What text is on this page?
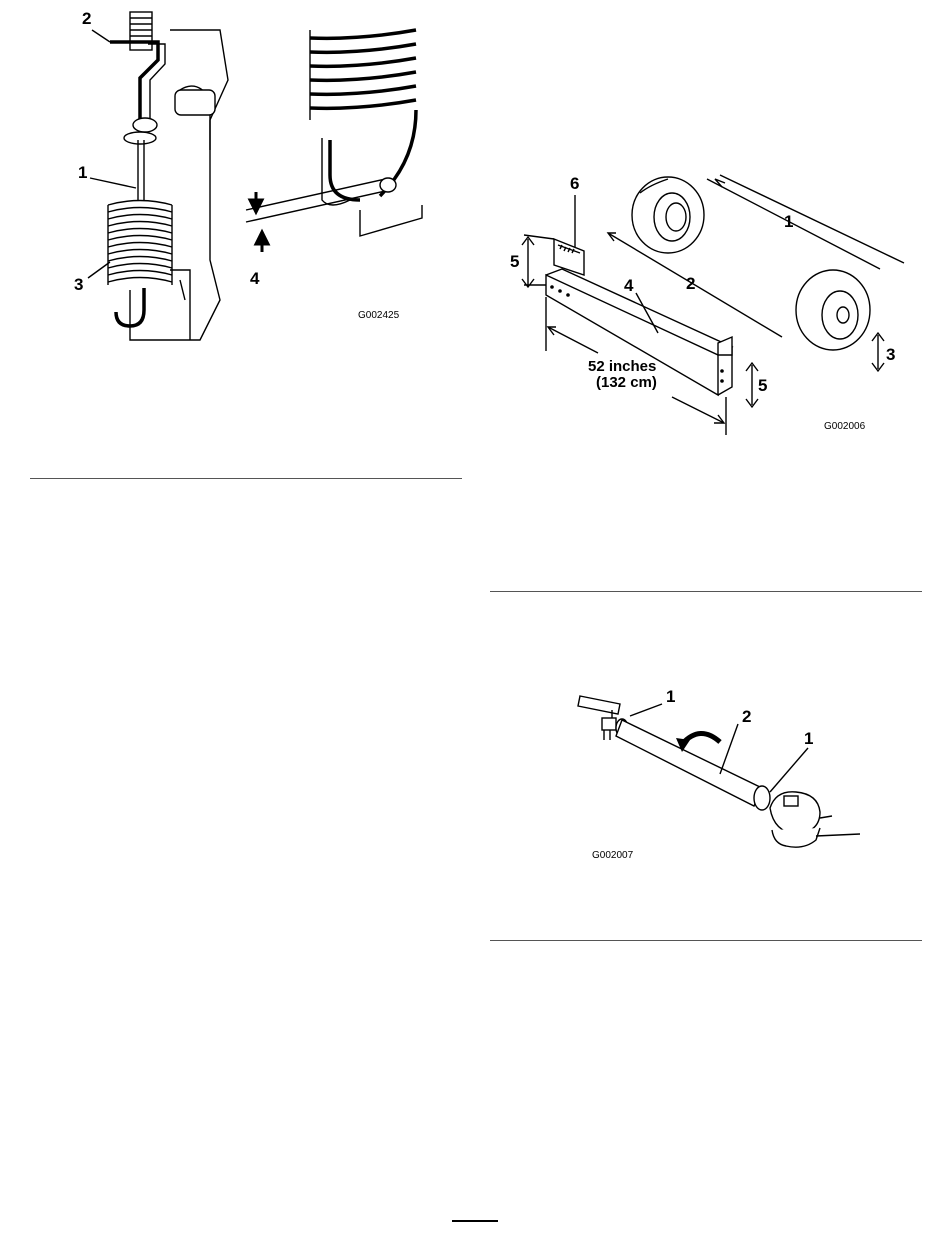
1
2
3	4
G002425
1
2
3
6
4
5
5
52 inches
(132 cm)
G002006
1
2
1
G002007
